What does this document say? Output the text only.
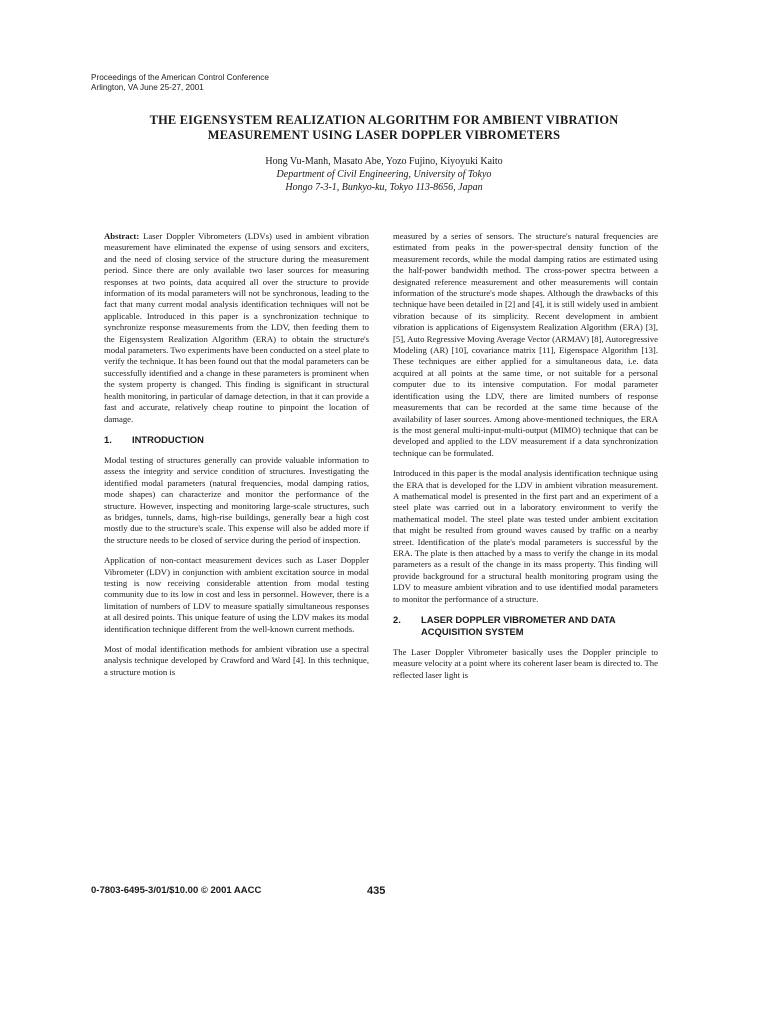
Proceedings of the American Control Conference
Arlington, VA June 25-27, 2001
THE EIGENSYSTEM REALIZATION ALGORITHM FOR AMBIENT VIBRATION
MEASUREMENT USING LASER DOPPLER VIBROMETERS
Hong Vu-Manh, Masato Abe, Yozo Fujino, Kiyoyuki Kaito
Department of Civil Engineering, University of Tokyo
Hongo 7-3-1, Bunkyo-ku, Tokyo 113-8656, Japan

Abstract: Laser Doppler Vibrometers (LDVs) used in ambient vibration measurement have eliminated the expense of using sensors and exciters, and the need of closing service of the structure during the measurement period. Since there are only available two laser sources for measuring responses at two points, data acquired all over the structure to provide information of its modal parameters will not be synchronous, leading to the fact that many current modal analysis identification techniques will not be applicable. Introduced in this paper is a synchronization technique to synchronize response measurements from the LDV, then feeding them to the Eigensystem Realization Algorithm (ERA) to obtain the structure's modal parameters. Two experiments have been conducted on a steel plate to verify the technique. It has been found out that the modal parameters can be successfully identified and a change in these parameters is prominent when the system property is changed. This finding is significant in structural health monitoring, in particular of damage detection, in that it can provide a fast and accurate, relatively cheap routine to pinpoint the location of damage.

1.	INTRODUCTION

Modal testing of structures generally can provide valuable information to assess the integrity and service condition of structures. Investigating the identified modal parameters (natural frequencies, modal damping ratios, mode shapes) can characterize and monitor the performance of the structure. However, inspecting and monitoring large-scale structures, such as bridges, tunnels, dams, high-rise buildings, generally bear a high cost mostly due to the structure's scale. This expense will also be added more if the structure needs to be closed of service during the period of inspection.

Application of non-contact measurement devices such as Laser Doppler Vibrometer (LDV) in conjunction with ambient excitation source in modal testing is now receiving considerable attention from modal testing community due to its low in cost and less in personnel. However, there is a limitation of numbers of LDV to measure spatially simultaneous responses at all desired points. This unique feature of using the LDV makes its modal identification technique different from the well-known current methods.

Most of modal identification methods for ambient vibration use a spectral analysis technique developed by Crawford and Ward [4]. In this technique, a structure motion is

measured by a series of sensors. The structure's natural frequencies are estimated from peaks in the power-spectral density function of the measurement records, while the modal damping ratios are estimated using the half-power bandwidth method. The cross-power spectra between a designated reference measurement and other measurements will contain information of the structure's mode shapes. Although the drawbacks of this technique have been detailed in [2] and [4], it is still widely used in ambient vibration because of its simplicity. Recent development in ambient vibration is applications of Eigensystem Realization Algorithm (ERA) [3], [5], Auto Regressive Moving Average Vector (ARMAV) [8], Autoregressive Modeling (AR) [10], covariance matrix [11], Eigenspace Algorithm [13]. These techniques are either applied for a simultaneous data, i.e. data acquired at all points at the same time, or not suitable for a personal computer due to its intensive computation. For modal parameter identification using the LDV, there are limited numbers of response measurements that can be recorded at the same time because of the availability of laser sources. Among above-mentioned techniques, the ERA is the most general multi-input-multi-output (MIMO) technique that can be developed and applied to the LDV measurement if a data synchronization technique can be formulated.

Introduced in this paper is the modal analysis identification technique using the ERA that is developed for the LDV in ambient vibration measurement. A mathematical model is presented in the first part and an experiment of a steel plate was carried out in a laboratory environment to verify the mathematical model. The steel plate was tested under ambient excitation that might be resulted from ground waves caused by traffic on a nearby street. Identification of the plate's modal parameters is successful by the ERA. The plate is then attached by a mass to verify the change in its modal parameters as a result of the change in its mass property. This finding will provide background for a structural health monitoring program using the LDV to measure ambient vibration and to use identified modal parameters to monitor the performance of a structure.

2.	LASER DOPPLER VIBROMETER AND DATA ACQUISITION SYSTEM

The Laser Doppler Vibrometer basically uses the Doppler principle to measure velocity at a point where its coherent laser beam is directed to. The reflected laser light is

0-7803-6495-3/01/$10.00 © 2001 AACC	435
